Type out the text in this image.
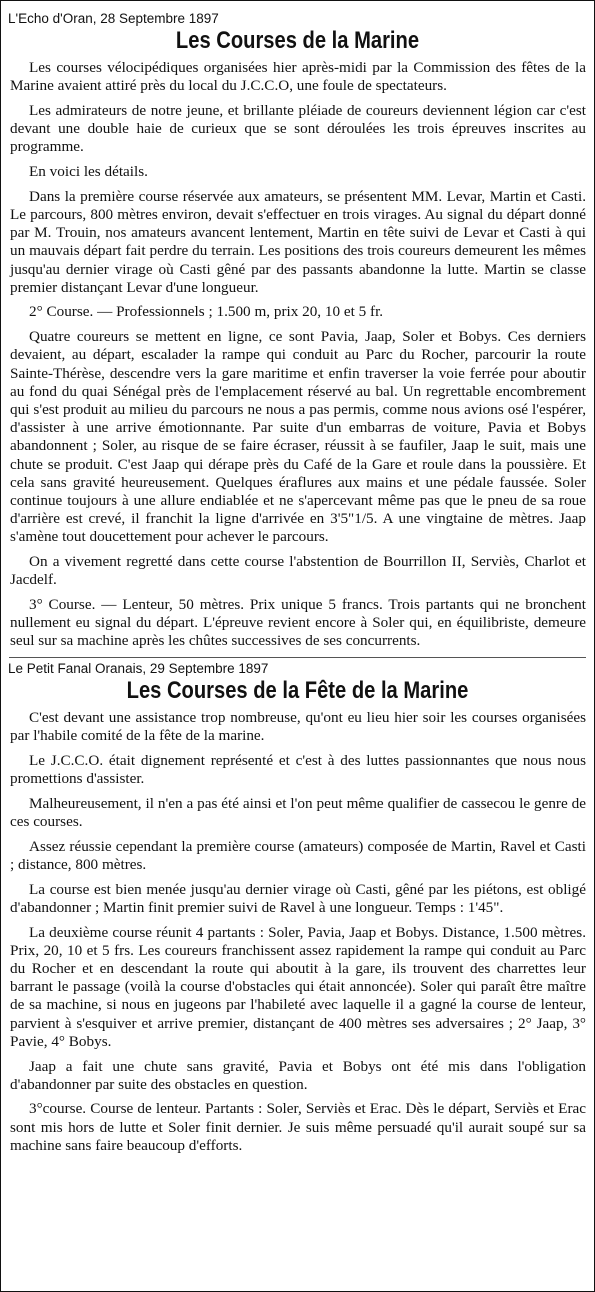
L'Echo d'Oran, 28 Septembre 1897
Les Courses de la Marine

Les courses vélocipédiques organisées hier après-midi par la Commission des fêtes de la Marine avaient attiré près du local du J.C.C.O, une foule de spectateurs.

Les admirateurs de notre jeune, et brillante pléiade de coureurs deviennent légion car c'est devant une double haie de curieux que se sont déroulées les trois épreuves inscrites au programme.

En voici les détails.

Dans la première course réservée aux amateurs, se présentent MM. Levar, Martin et Casti. Le parcours, 800 mètres environ, devait s'effectuer en trois virages. Au signal du départ donné par M. Trouin, nos amateurs avancent lentement, Martin en tête suivi de Levar et Casti à qui un mauvais départ fait perdre du terrain. Les positions des trois coureurs demeurent les mêmes jusqu'au dernier virage où Casti gêné par des passants abandonne la lutte. Martin se classe premier distançant Levar d'une longueur.

2° Course. — Professionnels ; 1.500 m, prix 20, 10 et 5 fr.

Quatre coureurs se mettent en ligne, ce sont Pavia, Jaap, Soler et Bobys. Ces derniers devaient, au départ, escalader la rampe qui conduit au Parc du Rocher, parcourir la route Sainte-Thérèse, descendre vers la gare maritime et enfin traverser la voie ferrée pour aboutir au fond du quai Sénégal près de l'emplacement réservé au bal. Un regrettable encombrement qui s'est produit au milieu du parcours ne nous a pas permis, comme nous avions osé l'espérer, d'assister à une arrive émotionnante. Par suite d'un embarras de voiture, Pavia et Bobys abandonnent ; Soler, au risque de se faire écraser, réussit à se faufiler, Jaap le suit, mais une chute se produit. C'est Jaap qui dérape près du Café de la Gare et roule dans la poussière. Et cela sans gravité heureusement. Quelques éraflures aux mains et une pédale faussée. Soler continue toujours à une allure endiablée et ne s'apercevant même pas que le pneu de sa roue d'arrière est crevé, il franchit la ligne d'arrivée en 3'5"1/5. A une vingtaine de mètres. Jaap s'amène tout doucettement pour achever le parcours.

On a vivement regretté dans cette course l'abstention de Bourrillon II, Serviès, Charlot et Jacdelf.

3° Course. — Lenteur, 50 mètres. Prix unique 5 francs. Trois partants qui ne bronchent nullement eu signal du départ. L'épreuve revient encore à Soler qui, en équilibriste, demeure seul sur sa machine après les chûtes successives de ses concurrents.

Le Petit Fanal Oranais, 29 Septembre 1897
Les Courses de la Fête de la Marine

C'est devant une assistance trop nombreuse, qu'ont eu lieu hier soir les courses organisées par l'habile comité de la fête de la marine.

Le J.C.C.O. était dignement représenté et c'est à des luttes passionnantes que nous nous promettions d'assister.

Malheureusement, il n'en a pas été ainsi et l'on peut même qualifier de cassecou le genre de ces courses.

Assez réussie cependant la première course (amateurs) composée de Martin, Ravel et Casti ; distance, 800 mètres.

La course est bien menée jusqu'au dernier virage où Casti, gêné par les piétons, est obligé d'abandonner ; Martin finit premier suivi de Ravel à une longueur. Temps : 1'45".

La deuxième course réunit 4 partants : Soler, Pavia, Jaap et Bobys. Distance, 1.500 mètres. Prix, 20, 10 et 5 frs. Les coureurs franchissent assez rapidement la rampe qui conduit au Parc du Rocher et en descendant la route qui aboutit à la gare, ils trouvent des charrettes leur barrant le passage (voilà la course d'obstacles qui était annoncée). Soler qui paraît être maître de sa machine, si nous en jugeons par l'habileté avec laquelle il a gagné la course de lenteur, parvient à s'esquiver et arrive premier, distançant de 400 mètres ses adversaires ; 2° Jaap, 3° Pavie, 4° Bobys.

Jaap a fait une chute sans gravité, Pavia et Bobys ont été mis dans l'obligation d'abandonner par suite des obstacles en question.

3°course. Course de lenteur. Partants : Soler, Serviès et Erac. Dès le départ, Serviès et Erac sont mis hors de lutte et Soler finit dernier. Je suis même persuadé qu'il aurait soupé sur sa machine sans faire beaucoup d'efforts.
